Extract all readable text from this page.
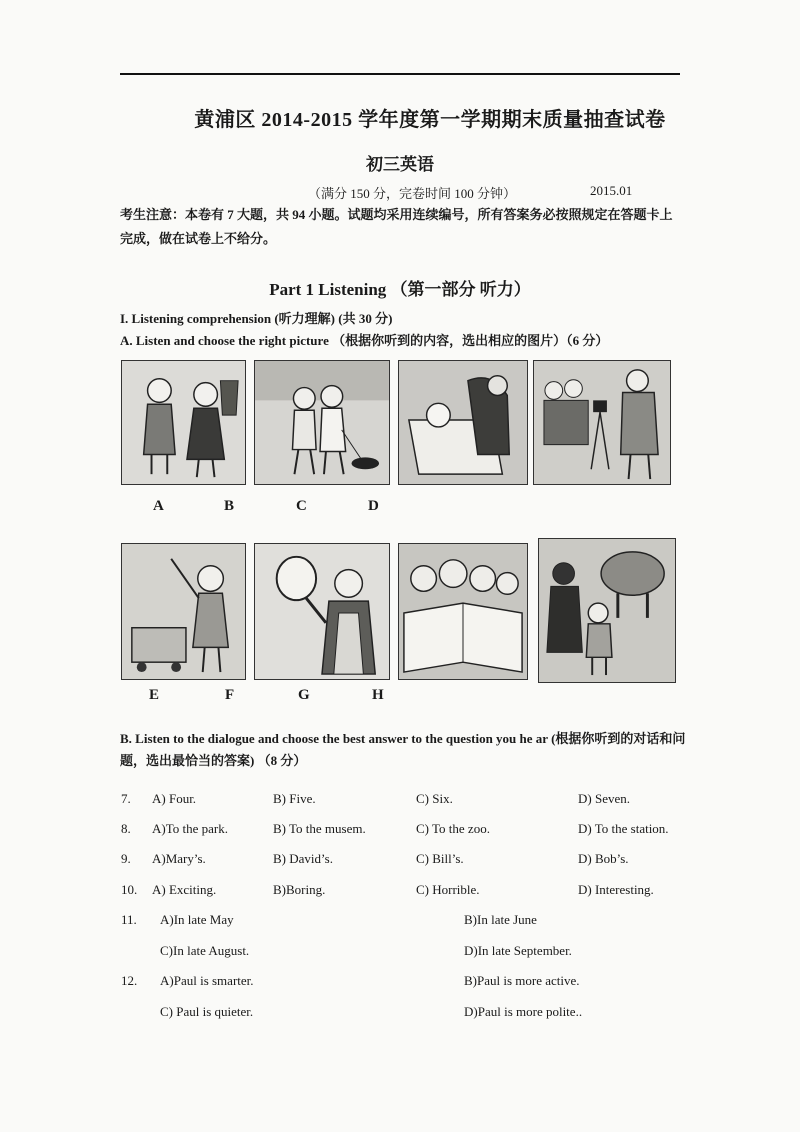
黄浦区 2014-2015 学年度第一学期期末质量抽查试卷
初三英语
（满分 150 分，完卷时间 100 分钟）	2015.01
考生注意：本卷有 7 大题，共 94 小题。试题均采用连续编号，所有答案务必按照规定在答题卡上完成，做在试卷上不给分。
Part 1 Listening （第一部分 听力）
I. Listening comprehension (听力理解) (共 30 分)
A. Listen and choose the right picture （根据你听到的内容，选出相应的图片）（6 分）
A	B	C	D
E	F	G	H
B. Listen to the dialogue and choose the best answer to the question you he ar (根据你听到的对话和问题，选出最恰当的答案) （8 分）
7. A) Four.	B) Five.	C) Six.	D) Seven.
8. A)To the park.	B) To the musem.	C) To the zoo.	D) To the station.
9. A)Mary’s.	B) David’s.	C) Bill’s.	D) Bob’s.
10. A) Exciting.	B)Boring.	C) Horrible.	D) Interesting.
11. A)In late May	B)In late June
C)In late August.	D)In late September.
12. A)Paul is smarter.	B)Paul is more active.
C) Paul is quieter.	D)Paul is more polite..
